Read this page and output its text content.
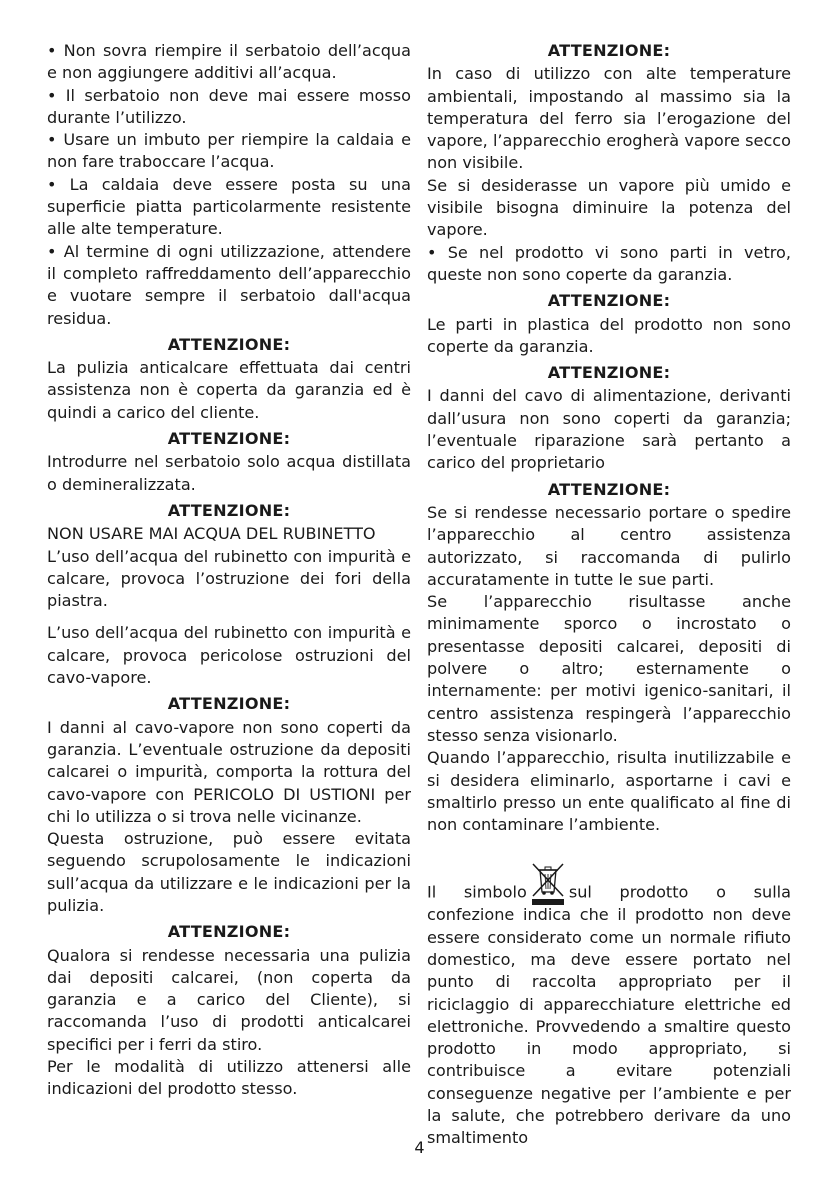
• Non sovra riempire il serbatoio dell’acqua e non aggiungere additivi all’acqua.

• Il serbatoio non deve mai essere mosso durante l’utilizzo.

• Usare un imbuto per riempire la caldaia e non fare traboccare l’acqua.

• La caldaia deve essere posta su una superficie piatta particolarmente resistente alle alte temperature.

• Al termine di ogni utilizzazione, attendere il completo raffreddamento dell’apparecchio e vuotare sempre il serbatoio dall'acqua residua.

ATTENZIONE:

La pulizia anticalcare effettuata dai centri assistenza non è coperta da garanzia ed è quindi a carico del cliente.

ATTENZIONE:

Introdurre nel serbatoio solo acqua distillata o demineralizzata.

ATTENZIONE:

NON USARE MAI ACQUA DEL RUBINETTO

L’uso dell’acqua del rubinetto con impurità e calcare, provoca l’ostruzione dei fori della piastra.

L’uso dell’acqua del rubinetto con impurità e calcare, provoca pericolose ostruzioni del cavo-vapore.

ATTENZIONE:

I danni al cavo-vapore non sono coperti da garanzia. L’eventuale ostruzione da depositi calcarei o impurità, comporta la rottura del cavo-vapore con PERICOLO DI USTIONI per chi lo utilizza o si trova nelle vicinanze.

Questa ostruzione, può essere evitata seguendo scrupolosamente le indicazioni sull’acqua da utilizzare e le indicazioni per la pulizia.

ATTENZIONE:

Qualora si rendesse necessaria una pulizia dai depositi calcarei, (non coperta da garanzia e a carico del Cliente), si raccomanda l’uso di prodotti anticalcarei specifici per i ferri da stiro.

Per le modalità di utilizzo attenersi alle indicazioni del prodotto stesso.

ATTENZIONE:

In caso di utilizzo con alte temperature ambientali, impostando al massimo sia la temperatura del ferro sia l’erogazione del vapore, l’apparecchio erogherà vapore secco non visibile.

Se si desiderasse un vapore più umido e visibile bisogna diminuire la potenza del vapore.

• Se nel prodotto vi sono parti in vetro, queste non sono coperte da garanzia.

ATTENZIONE:

Le parti in plastica del prodotto non sono coperte da garanzia.

ATTENZIONE:

I danni del cavo di alimentazione, derivanti dall’usura non sono coperti da garanzia; l’eventuale riparazione sarà pertanto a carico del proprietario

ATTENZIONE:

Se si rendesse necessario portare o spedire l’apparecchio al centro assistenza autorizzato, si raccomanda di pulirlo accuratamente in tutte le sue parti.

Se l’apparecchio risultasse anche minimamente sporco o incrostato o presentasse depositi calcarei, depositi di polvere o altro; esternamente o internamente: per motivi igenico-sanitari, il centro assistenza respingerà l’apparecchio stesso senza visionarlo.

Quando l’apparecchio, risulta inutilizzabile e si desidera eliminarlo, asportarne i cavi e smaltirlo presso un ente qualificato al fine di non contaminare l’ambiente.

Il simbolo	sul prodotto o sulla confezione indica che il prodotto non deve essere considerato come un normale rifiuto domestico, ma deve essere portato nel punto di raccolta appropriato per il riciclaggio di apparecchiature elettriche ed elettroniche. Provvedendo a smaltire questo prodotto in modo appropriato, si contribuisce a evitare potenziali conseguenze negative per l’ambiente e per la salute, che potrebbero derivare da uno smaltimento

4
